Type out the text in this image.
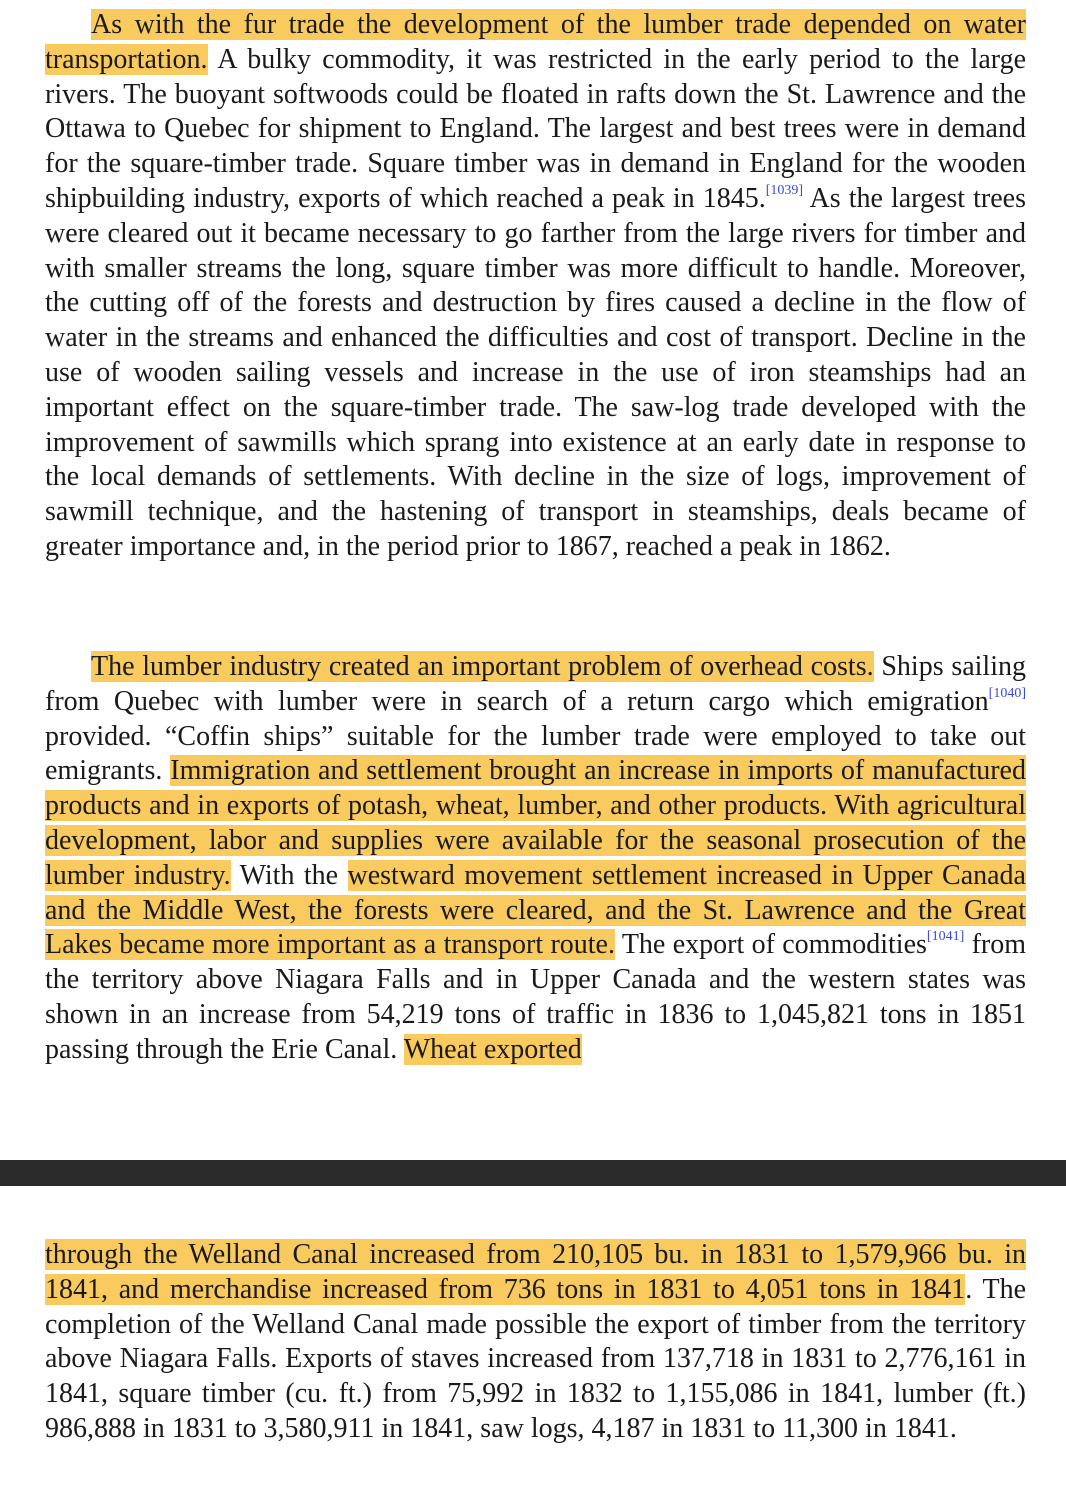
As with the fur trade the development of the lumber trade depended on water transportation. A bulky commodity, it was restricted in the early period to the large rivers. The buoyant softwoods could be floated in rafts down the St. Lawrence and the Ottawa to Quebec for shipment to England. The largest and best trees were in demand for the square-timber trade. Square timber was in demand in England for the wooden shipbuilding industry, exports of which reached a peak in 1845.[1039] As the largest trees were cleared out it became necessary to go farther from the large rivers for timber and with smaller streams the long, square timber was more difficult to handle. Moreover, the cutting off of the forests and destruction by fires caused a decline in the flow of water in the streams and enhanced the difficulties and cost of transport. Decline in the use of wooden sailing vessels and increase in the use of iron steamships had an important effect on the square-timber trade. The saw-log trade developed with the improvement of sawmills which sprang into existence at an early date in response to the local demands of settlements. With decline in the size of logs, improvement of sawmill technique, and the hastening of transport in steamships, deals became of greater importance and, in the period prior to 1867, reached a peak in 1862.

The lumber industry created an important problem of overhead costs. Ships sailing from Quebec with lumber were in search of a return cargo which emigration[1040] provided. “Coffin ships” suitable for the lumber trade were employed to take out emigrants. Immigration and settlement brought an increase in imports of manufactured products and in exports of potash, wheat, lumber, and other products. With agricultural development, labor and supplies were available for the seasonal prosecution of the lumber industry. With the westward movement settlement increased in Upper Canada and the Middle West, the forests were cleared, and the St. Lawrence and the Great Lakes became more important as a transport route. The export of commodities[1041] from the territory above Niagara Falls and in Upper Canada and the western states was shown in an increase from 54,219 tons of traffic in 1836 to 1,045,821 tons in 1851 passing through the Erie Canal. Wheat exported

through the Welland Canal increased from 210,105 bu. in 1831 to 1,579,966 bu. in 1841, and merchandise increased from 736 tons in 1831 to 4,051 tons in 1841. The completion of the Welland Canal made possible the export of timber from the territory above Niagara Falls. Exports of staves increased from 137,718 in 1831 to 2,776,161 in 1841, square timber (cu. ft.) from 75,992 in 1832 to 1,155,086 in 1841, lumber (ft.) 986,888 in 1831 to 3,580,911 in 1841, saw logs, 4,187 in 1831 to 11,300 in 1841.
